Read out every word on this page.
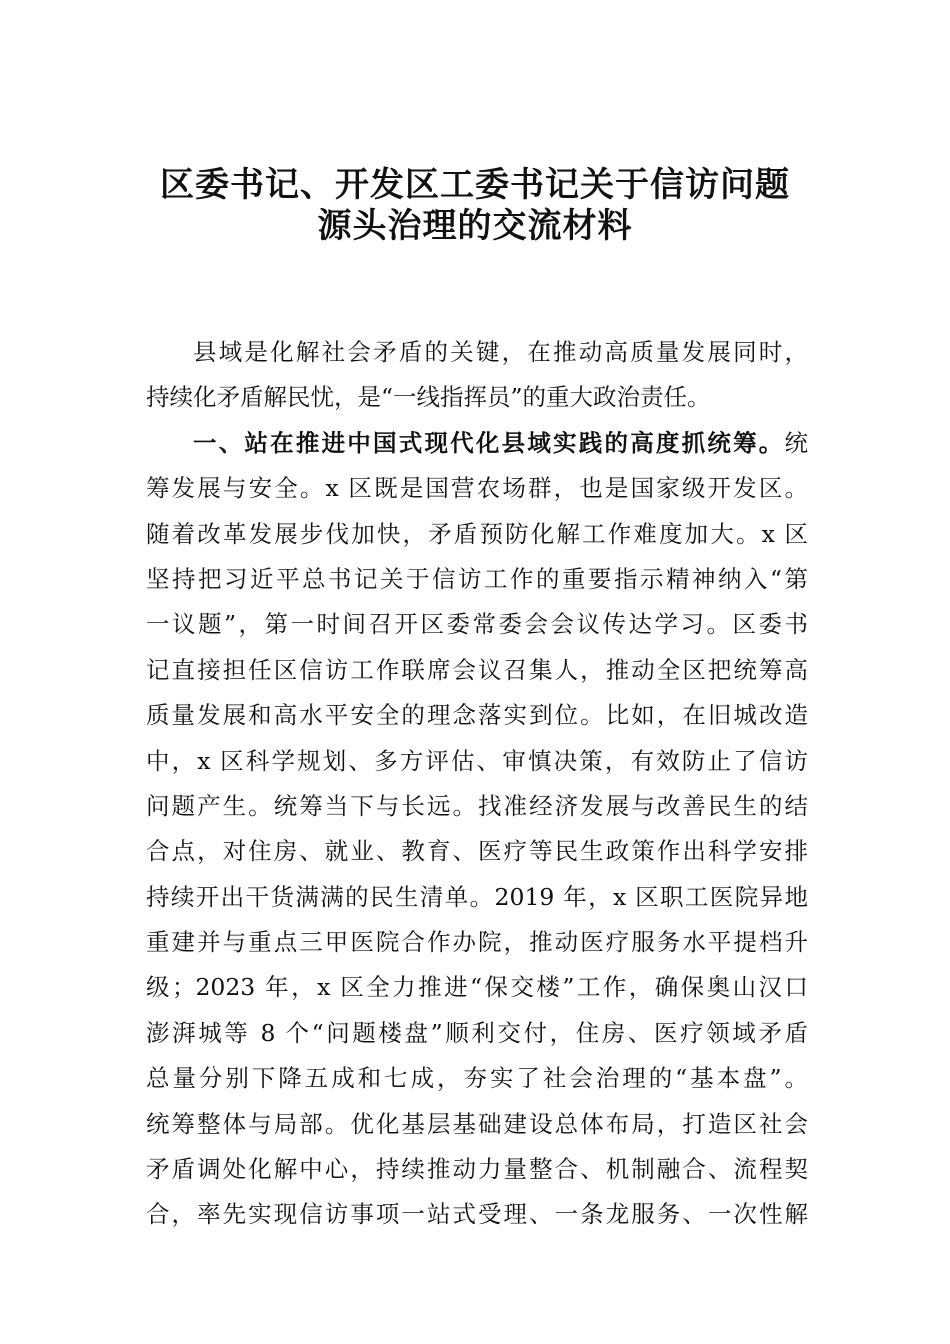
区委书记、开发区工委书记关于信访问题
源头治理的交流材料
县域是化解社会矛盾的关键，在推动高质量发展同时，
持续化矛盾解民忧，是“一线指挥员”的重大政治责任。
一、站在推进中国式现代化县域实践的高度抓统筹。统
筹发展与安全。x 区既是国营农场群，也是国家级开发区。
随着改革发展步伐加快，矛盾预防化解工作难度加大。x 区
坚持把习近平总书记关于信访工作的重要指示精神纳入“第
一议题”，第一时间召开区委常委会会议传达学习。区委书
记直接担任区信访工作联席会议召集人，推动全区把统筹高
质量发展和高水平安全的理念落实到位。比如，在旧城改造
中，x 区科学规划、多方评估、审慎决策，有效防止了信访
问题产生。统筹当下与长远。找准经济发展与改善民生的结
合点，对住房、就业、教育、医疗等民生政策作出科学安排
持续开出干货满满的民生清单。2019 年，x 区职工医院异地
重建并与重点三甲医院合作办院，推动医疗服务水平提档升
级；2023 年，x 区全力推进“保交楼”工作，确保奥山汉口
澎湃城等 8 个“问题楼盘”顺利交付，住房、医疗领域矛盾
总量分别下降五成和七成，夯实了社会治理的“基本盘”。
统筹整体与局部。优化基层基础建设总体布局，打造区社会
矛盾调处化解中心，持续推动力量整合、机制融合、流程契
合，率先实现信访事项一站式受理、一条龙服务、一次性解
